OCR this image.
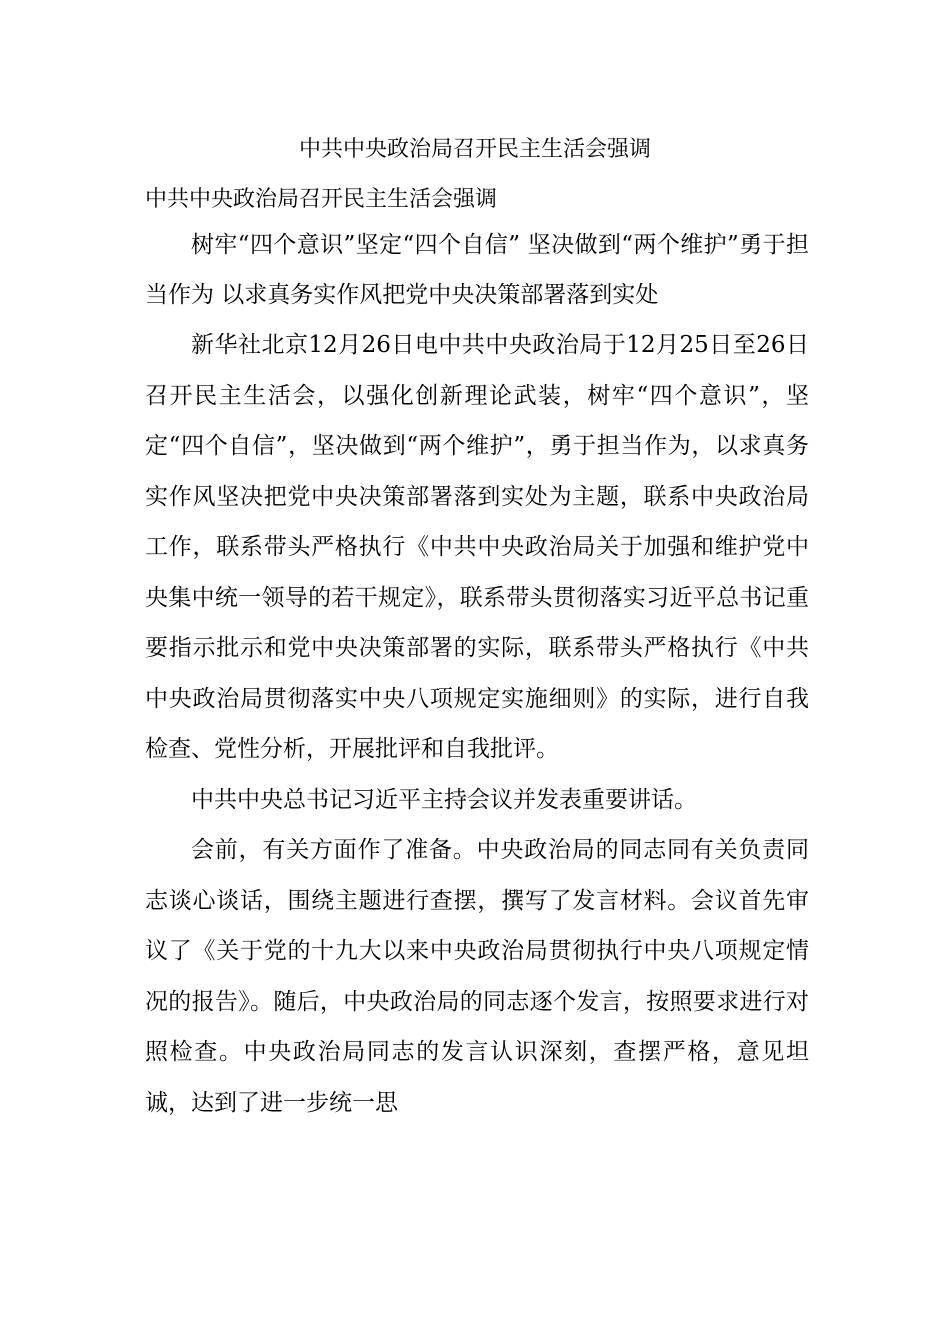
中共中央政治局召开民主生活会强调

中共中央政治局召开民主生活会强调

树牢“四个意识”坚定“四个自信” 坚决做到“两个维护”勇于担当作为 以求真务实作风把党中央决策部署落到实处

新华社北京12月26日电中共中央政治局于12月25日至26日召开民主生活会，以强化创新理论武装，树牢“四个意识”，坚定“四个自信”，坚决做到“两个维护”，勇于担当作为，以求真务实作风坚决把党中央决策部署落到实处为主题，联系中央政治局工作，联系带头严格执行《中共中央政治局关于加强和维护党中央集中统一领导的若干规定》，联系带头贯彻落实习近平总书记重要指示批示和党中央决策部署的实际，联系带头严格执行《中共中央政治局贯彻落实中央八项规定实施细则》的实际，进行自我检查、党性分析，开展批评和自我批评。

中共中央总书记习近平主持会议并发表重要讲话。

会前，有关方面作了准备。中央政治局的同志同有关负责同志谈心谈话，围绕主题进行查摆，撰写了发言材料。会议首先审议了《关于党的十九大以来中央政治局贯彻执行中央八项规定情况的报告》。随后，中央政治局的同志逐个发言，按照要求进行对照检查。中央政治局同志的发言认识深刻，查摆严格，意见坦诚，达到了进一步统一思
